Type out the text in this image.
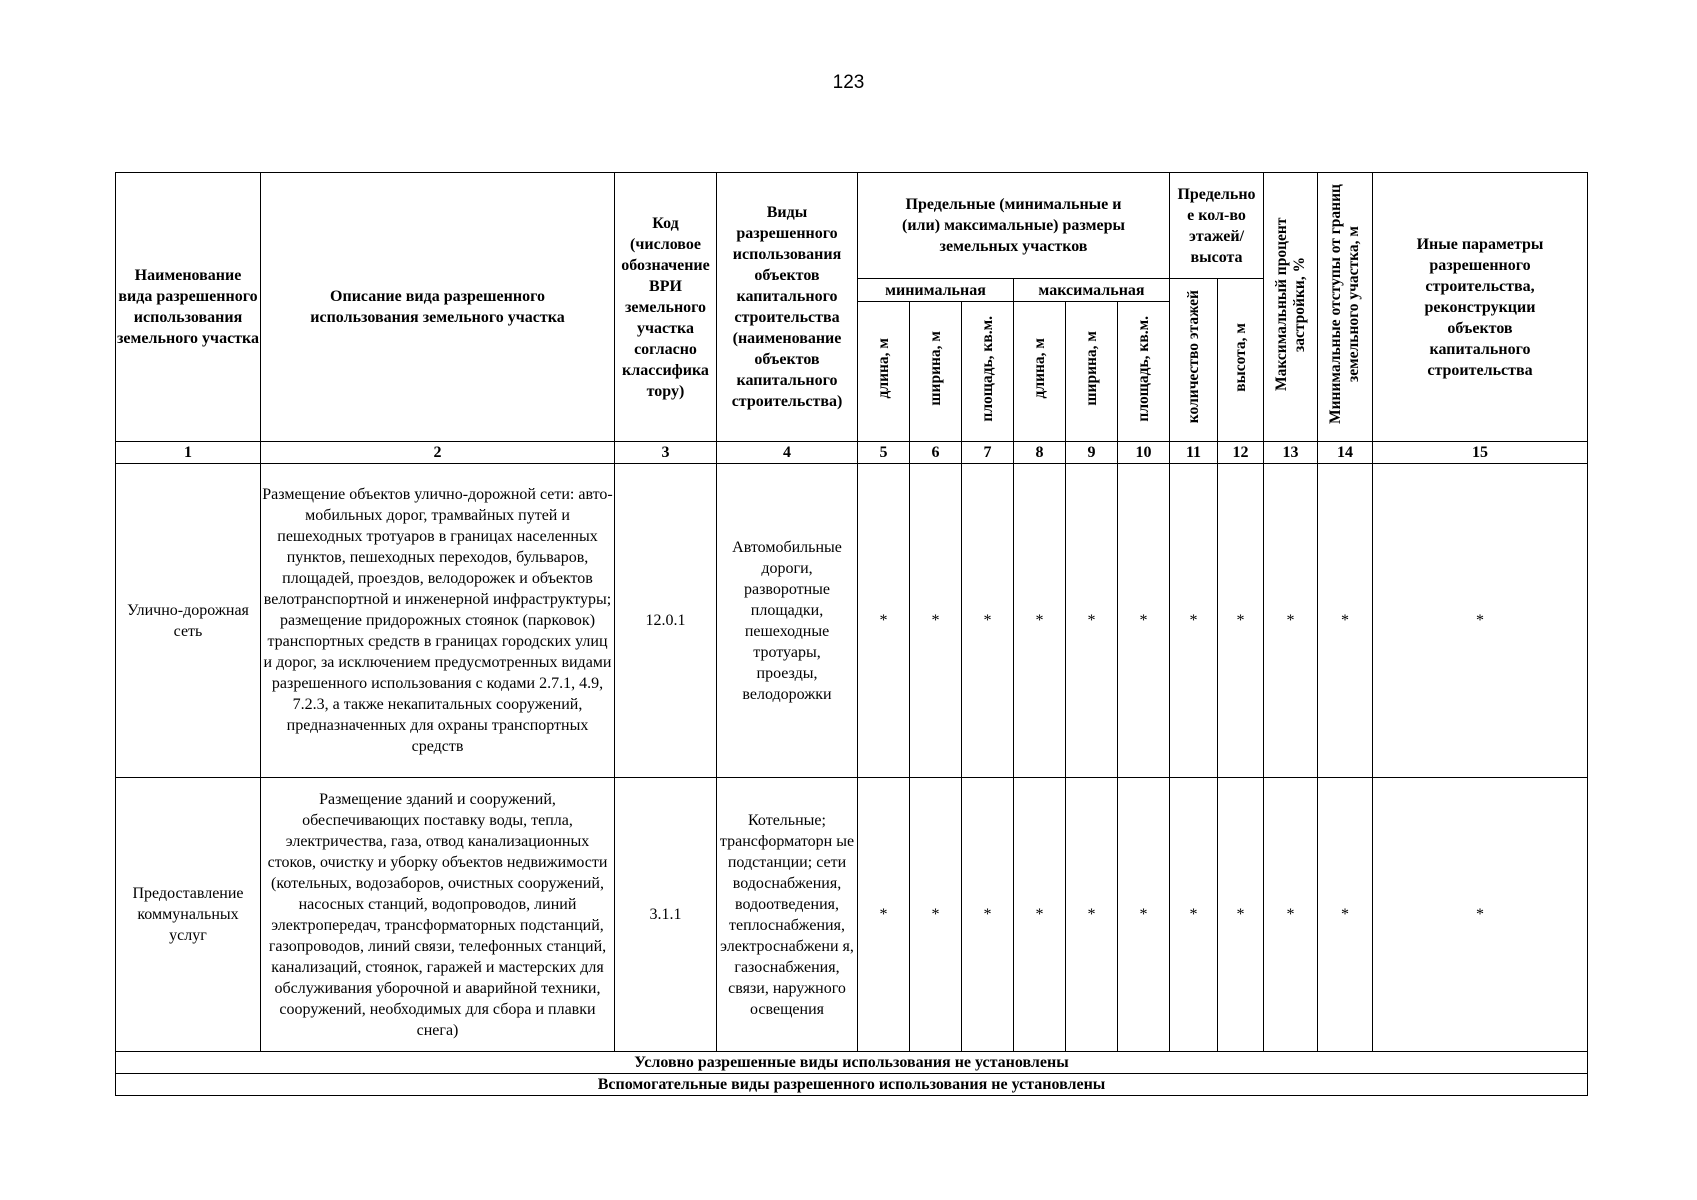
123
Наименование вида разрешенного использования земельного участка	Описание вида разрешенного использования земельного участка	Код (числовое обозначение ВРИ земельного участка согласно классифика тору)	Виды разрешенного использования объектов капитального строительства (наименование объектов капитального строительства)	Предельные (минимальные и (или) максимальные) размеры земельных участков						Предельно е кол-во этажей/ высота		Максимальный процент застройки, %	Минимальные отступы от границ земельного участка, м	Иные параметры разрешенного строительства, реконструкции объектов капитального строительства
				минимальная			максимальная			количество этажей	высота, м			
				длина, м	ширина, м	площадь, кв.м.	длина, м	ширина, м	площадь, кв.м.					
1	2	3	4	5	6	7	8	9	10	11	12	13	14	15
Улично-дорожная сеть	Размещение объектов улично-дорожной сети: авто-мобильных дорог, трамвайных путей и пешеходных тротуаров в границах населенных пунктов, пешеходных переходов, бульваров, площадей, проездов, велодорожек и объектов велотранспортной и инженерной инфраструктуры; размещение придорожных стоянок (парковок) транспортных средств в границах городских улиц и дорог, за исключением предусмотренных видами разрешенного использования с кодами 2.7.1, 4.9, 7.2.3, а также некапитальных сооружений, предназначенных для охраны транспортных средств	12.0.1	Автомобильные дороги, разворотные площадки, пешеходные тротуары, проезды, велодорожки	*	*	*	*	*	*	*	*	*	*	*
Предоставление коммунальных услуг	Размещение зданий и сооружений, обеспечивающих поставку воды, тепла, электричества, газа, отвод канализационных стоков, очистку и уборку объектов недвижимости (котельных, водозаборов, очистных сооружений, насосных станций, водопроводов, линий электропередач, трансформаторных подстанций, газопроводов, линий связи, телефонных станций, канализаций, стоянок, гаражей и мастерских для обслуживания уборочной и аварийной техники, сооружений, необходимых для сбора и плавки снега)	3.1.1	Котельные; трансформаторн ые подстанции; сети водоснабжения, водоотведения, теплоснабжения, электроснабжени я, газоснабжения, связи, наружного освещения	*	*	*	*	*	*	*	*	*	*	*
Условно разрешенные виды использования не установлены														
Вспомогательные виды разрешенного использования не установлены														
